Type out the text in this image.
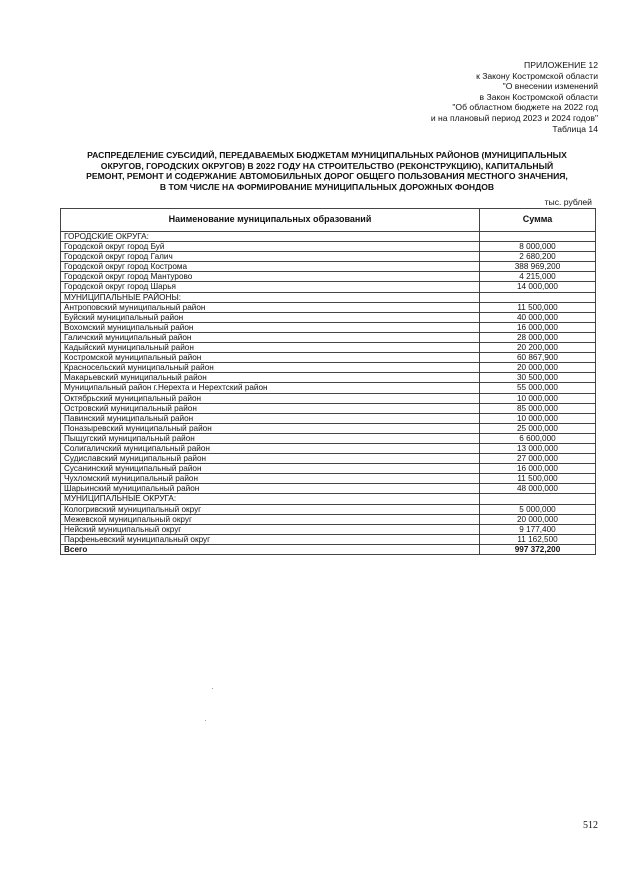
ПРИЛОЖЕНИЕ 12
к Закону Костромской области
"О внесении изменений
в Закон Костромской области
"Об областном бюджете на 2022 год
и на плановый период 2023 и 2024 годов"
Таблица 14
РАСПРЕДЕЛЕНИЕ СУБСИДИЙ, ПЕРЕДАВАЕМЫХ БЮДЖЕТАМ МУНИЦИПАЛЬНЫХ РАЙОНОВ (МУНИЦИПАЛЬНЫХ
ОКРУГОВ, ГОРОДСКИХ ОКРУГОВ) В 2022 ГОДУ НА СТРОИТЕЛЬСТВО (РЕКОНСТРУКЦИЮ), КАПИТАЛЬНЫЙ
РЕМОНТ, РЕМОНТ И СОДЕРЖАНИЕ АВТОМОБИЛЬНЫХ ДОРОГ ОБЩЕГО ПОЛЬЗОВАНИЯ МЕСТНОГО ЗНАЧЕНИЯ,
В ТОМ ЧИСЛЕ НА ФОРМИРОВАНИЕ МУНИЦИПАЛЬНЫХ ДОРОЖНЫХ ФОНДОВ
тыс. рублей
Наименование муниципальных образований	Сумма
ГОРОДСКИЕ ОКРУГА:	
Городской округ город Буй	8 000,000
Городской округ город Галич	2 680,200
Городской округ город Кострома	388 969,200
Городской округ город Мантурово	4 215,000
Городской округ город Шарья	14 000,000
МУНИЦИПАЛЬНЫЕ РАЙОНЫ:	
Антроповский муниципальный район	11 500,000
Буйский муниципальный район	40 000,000
Вохомский муниципальный район	16 000,000
Галичский муниципальный район	28 000,000
Кадыйский муниципальный район	20 200,000
Костромской муниципальный район	60 867,900
Красносельский муниципальный район	20 000,000
Макарьевский муниципальный район	30 500,000
Муниципальный район г.Нерехта и Нерехтский район	55 000,000
Октябрьский муниципальный район	10 000,000
Островский муниципальный район	85 000,000
Павинский муниципальный район	10 000,000
Поназыревский муниципальный район	25 000,000
Пыщугский муниципальный район	6 600,000
Солигаличский муниципальный район	13 000,000
Судиславский муниципальный район	27 000,000
Сусанинский муниципальный район	16 000,000
Чухломский муниципальный район	11 500,000
Шарьинский муниципальный район	48 000,000
МУНИЦИПАЛЬНЫЕ ОКРУГА:	
Кологривский муниципальный округ	5 000,000
Межевской муниципальный округ	20 000,000
Нейский муниципальный округ	9 177,400
Парфеньевский муниципальный округ	11 162,500
Всего	997 372,200
512
